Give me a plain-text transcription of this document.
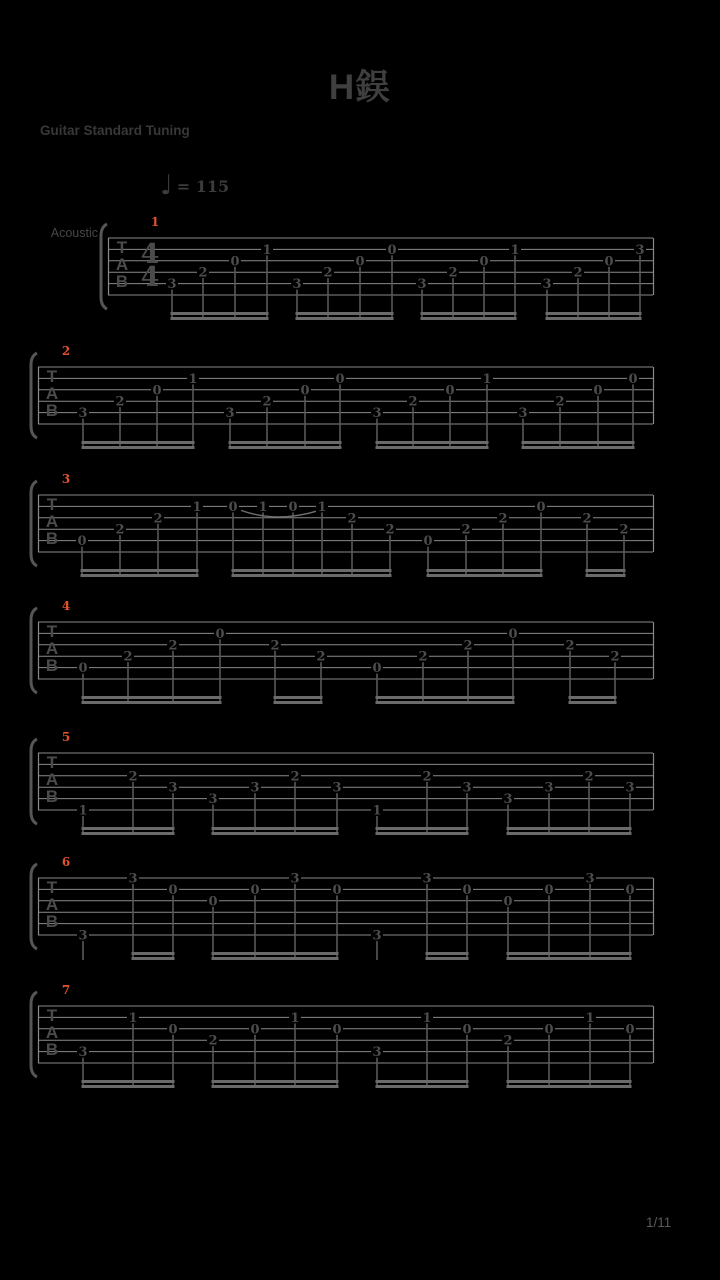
H鋘
Guitar Standard Tuning
♩ = 115
T
A
B
4
4
Acoustic
1
3
2
0
1
3
2
0
0
3
2
0
1
3
2
0
3
T
A
B
2
3
2
0
1
3
2
0
0
3
2
0
1
3
2
0
0
T
A
B
3
0
2
2
1 0 1 0 1
2
2
0
2
2
0
2
2
T
A
B
4
0
2
2
0
2
2
0
2
2
0
2
2
T
A
B
5
1
2
3
3
3
2
3
1
2
3
3
3
2
3
T
A
B
6
3
3
0
0
0
3
0
3
3
0
0
0
3
0
T
A
B
7
3
1
0
2
0
1
0
3
1
0
2
0
1
0
1/11
